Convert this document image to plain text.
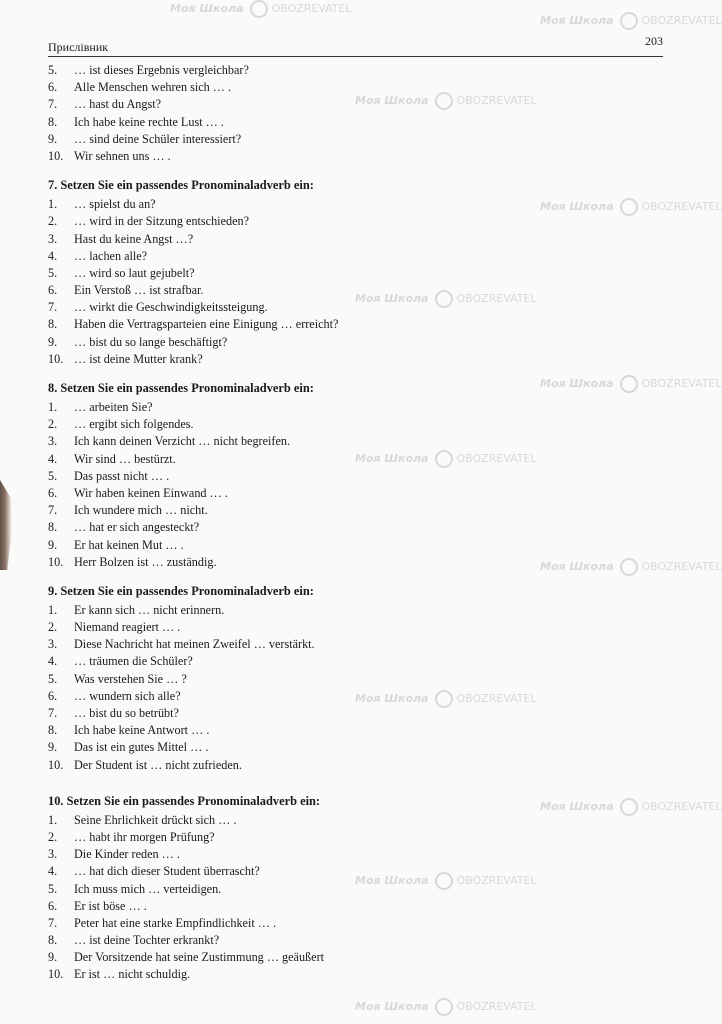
Прислівник	203
5.	… ist dieses Ergebnis vergleichbar?
6.	Alle Menschen wehren sich … .
7.	… hast du Angst?
8.	Ich habe keine rechte Lust … .
9.	… sind deine Schüler interessiert?
10. Wir sehnen uns … .
7. Setzen Sie ein passendes Pronominaladverb ein:
1.	… spielst du an?
2.	… wird in der Sitzung entschieden?
3.	Hast du keine Angst …?
4.	… lachen alle?
5.	… wird so laut gejubelt?
6.	Ein Verstoß … ist strafbar.
7.	… wirkt die Geschwindigkeitssteigung.
8.	Haben die Vertragsparteien eine Einigung … erreicht?
9.	… bist du so lange beschäftigt?
10. … ist deine Mutter krank?
8. Setzen Sie ein passendes Pronominaladverb ein:
1.	… arbeiten Sie?
2.	… ergibt sich folgendes.
3.	Ich kann deinen Verzicht … nicht begreifen.
4.	Wir sind … bestürzt.
5.	Das passt nicht … .
6.	Wir haben keinen Einwand … .
7.	Ich wundere mich … nicht.
8.	… hat er sich angesteckt?
9.	Er hat keinen Mut … .
10. Herr Bolzen ist … zuständig.
9. Setzen Sie ein passendes Pronominaladverb ein:
1.	Er kann sich … nicht erinnern.
2.	Niemand reagiert … .
3.	Diese Nachricht hat meinen Zweifel … verstärkt.
4.	… träumen die Schüler?
5.	Was verstehen Sie … ?
6.	… wundern sich alle?
7.	… bist du so betrübt?
8.	Ich habe keine Antwort … .
9.	Das ist ein gutes Mittel … .
10. Der Student ist … nicht zufrieden.
10. Setzen Sie ein passendes Pronominaladverb ein:
1.	Seine Ehrlichkeit drückt sich … .
2.	… habt ihr morgen Prüfung?
3.	Die Kinder reden … .
4.	… hat dich dieser Student überrascht?
5.	Ich muss mich … verteidigen.
6.	Er ist böse … .
7.	Peter hat eine starke Empfindlichkeit … .
8.	… ist deine Tochter erkrankt?
9.	Der Vorsitzende hat seine Zustimmung … geäußert
10. Er ist … nicht schuldig.
Моя Школа	OBOZREVATEL
Моя Школа	OBOZREVATEL
Моя Школа	OBOZREVATEL
Моя Школа	OBOZREVATEL
Моя Школа	OBOZREVATEL
Моя Школа	OBOZREVATEL
Моя Школа	OBOZREVATEL
Моя Школа	OBOZREVATEL
Моя Школа	OBOZREVATEL
Моя Школа	OBOZREVATEL
Моя Школа	OBOZREVATEL
Моя Школа	OBOZREVATEL
